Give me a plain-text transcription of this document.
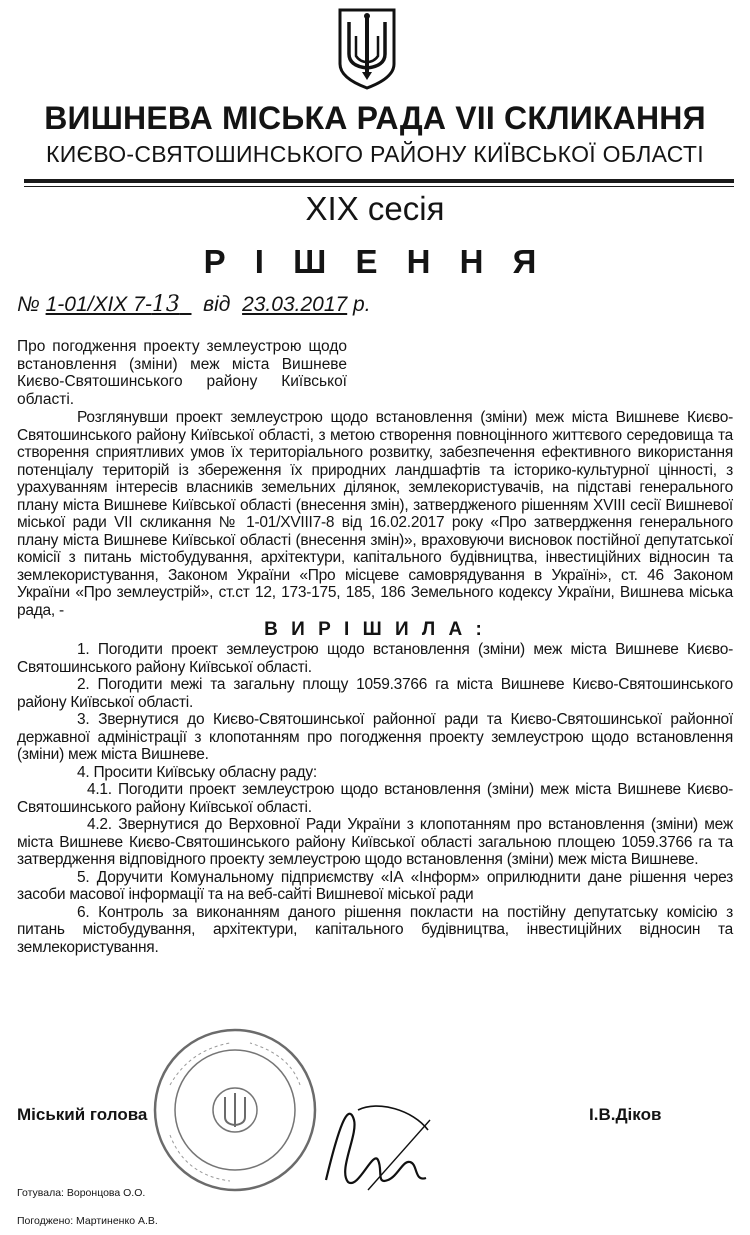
ВИШНЕВА МІСЬКА РАДА VII СКЛИКАННЯ
КИЄВО-СВЯТОШИНСЬКОГО РАЙОНУ КИЇВСЬКОЇ ОБЛАСТІ
XIX сесія
Р І Ш Е Н Н Я
№ 1-01/XIX 7-13 від 23.03.2017 р.
Про погодження проекту землеустрою щодо встановлення (зміни) меж міста Вишневе Києво-Святошинського району Київської області.

Розглянувши проект землеустрою щодо встановлення (зміни) меж міста Вишневе Києво-Святошинського району Київської області, з метою створення повноцінного життєвого середовища та створення сприятливих умов їх територіального розвитку, забезпечення ефективного використання потенціалу територій із збереження їх природних ландшафтів та історико-культурної цінності, з урахуванням інтересів власників земельних ділянок, землекористувачів, на підставі генерального плану міста Вишневе Київської області (внесення змін), затвердженого рішенням XVIII сесії Вишневої міської ради VII скликання № 1-01/XVIII7-8 від 16.02.2017 року «Про затвердження генерального плану міста Вишневе Київської області (внесення змін)», враховуючи висновок постійної депутатської комісії з питань містобудування, архітектури, капітального будівництва, інвестиційних відносин та землекористування, Законом України «Про місцеве самоврядування в Україні», ст. 46 Законом України «Про землеустрій», ст.ст 12, 173-175, 185, 186 Земельного кодексу України, Вишнева міська рада, -

В И Р І Ш И Л А :

1. Погодити проект землеустрою щодо встановлення (зміни) меж міста Вишневе Києво-Святошинського району Київської області.

2. Погодити межі та загальну площу 1059.3766 га міста Вишневе Києво-Святошинського району Київської області.

3. Звернутися до Києво-Святошинської районної ради та Києво-Святошинської районної державної адміністрації з клопотанням про погодження проекту землеустрою щодо встановлення (зміни) меж міста Вишневе.

4. Просити Київську обласну раду:

4.1. Погодити проект землеустрою щодо встановлення (зміни) меж міста Вишневе Києво-Святошинського району Київської області.

4.2. Звернутися до Верховної Ради України з клопотанням про встановлення (зміни) меж міста Вишневе Києво-Святошинського району Київської області загальною площею 1059.3766 га та затвердження відповідного проекту землеустрою щодо встановлення (зміни) меж міста Вишневе.

5. Доручити Комунальному підприємству «ІА «Інформ» оприлюднити дане рішення через засоби масової інформації та на веб-сайті Вишневої міської ради

6. Контроль за виконанням даного рішення покласти на постійну депутатську комісію з питань містобудування, архітектури, капітального будівництва, інвестиційних відносин та землекористування.

Міський голова	І.В.Діков
Готувала: Воронцова О.О.
Погоджено: Мартиненко А.В.
